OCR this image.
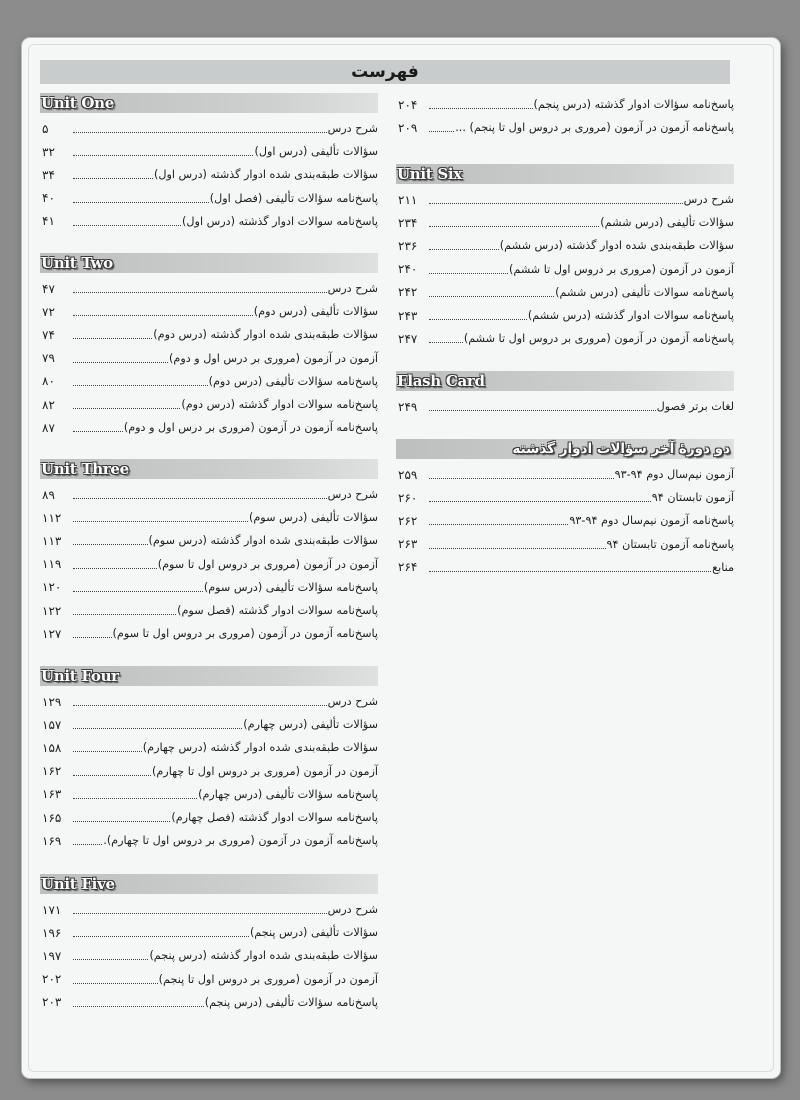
فهرست
Unit One
۵	شرح درس
۳۲	سؤالات تألیفی (درس اول)
۳۴	سؤالات طبقه‌بندی شده ادوار گذشته (درس اول)
۴۰	پاسخ‌نامه سؤالات تألیفی (فصل اول)
۴۱	پاسخ‌نامه سوالات ادوار گذشته (درس اول)
Unit Two
۴۷	شرح درس
۷۲	سؤالات تألیفی (درس دوم)
۷۴	سؤالات طبقه‌بندی شده ادوار گذشته (درس دوم)
۷۹	آزمون در آزمون (مروری بر درس اول و دوم)
۸۰	پاسخ‌نامه سؤالات تألیفی (درس دوم)
۸۲	پاسخ‌نامه سوالات ادوار گذشته (درس دوم)
۸۷	پاسخ‌نامه آزمون در آزمون (مروری بر درس اول و دوم)
Unit Three
۸۹	شرح درس
۱۱۲	سؤالات تألیفی (درس سوم)
۱۱۳	سؤالات طبقه‌بندی شده ادوار گذشته (درس سوم)
۱۱۹	آزمون در آزمون (مروری بر دروس اول تا سوم)
۱۲۰	پاسخ‌نامه سؤالات تألیفی (درس سوم)
۱۲۲	پاسخ‌نامه سوالات ادوار گذشته (فصل سوم)
۱۲۷	پاسخ‌نامه آزمون در آزمون (مروری بر دروس اول تا سوم)
Unit Four
۱۲۹	شرح درس
۱۵۷	سؤالات تألیفی (درس چهارم)
۱۵۸	سؤالات طبقه‌بندی شده ادوار گذشته (درس چهارم)
۱۶۲	آزمون در آزمون (مروری بر دروس اول تا چهارم)
۱۶۳	پاسخ‌نامه سؤالات تألیفی (درس چهارم)
۱۶۵	پاسخ‌نامه سوالات ادوار گذشته (فصل چهارم)
۱۶۹	پاسخ‌نامه آزمون در آزمون (مروری بر دروس اول تا چهارم).
Unit Five
۱۷۱	شرح درس
۱۹۶	سؤالات تألیفی (درس پنجم)
۱۹۷	سؤالات طبقه‌بندی شده ادوار گذشته (درس پنجم)
۲۰۲	آزمون در آزمون (مروری بر دروس اول تا پنجم)
۲۰۳	پاسخ‌نامه سؤالات تألیفی (درس پنجم)
۲۰۴	پاسخ‌نامه سؤالات ادوار گذشته (درس پنجم)
۲۰۹	پاسخ‌نامه آزمون در آزمون (مروری بر دروس اول تا پنجم) ...
Unit Six
۲۱۱	شرح درس
۲۳۴	سؤالات تألیفی (درس ششم)
۲۳۶	سؤالات طبقه‌بندی شده ادوار گذشته (درس ششم)
۲۴۰	آزمون در آزمون (مروری بر دروس اول تا ششم)
۲۴۲	پاسخ‌نامه سوالات تألیفی (درس ششم)
۲۴۳	پاسخ‌نامه سوالات ادوار گذشته (درس ششم)
۲۴۷	پاسخ‌نامه آزمون در آزمون (مروری بر دروس اول تا ششم)
Flash Card
۲۴۹	لغات برتر فصول
دو دورهٔ آخر سؤالات ادوار گذشته
۲۵۹	آزمون نیم‌سال دوم ۹۴-۹۳
۲۶۰	آزمون تابستان ۹۴
۲۶۲	پاسخ‌نامه آزمون نیم‌سال دوم ۹۴-۹۳
۲۶۳	پاسخ‌نامه آزمون تابستان ۹۴
۲۶۴	منابع
